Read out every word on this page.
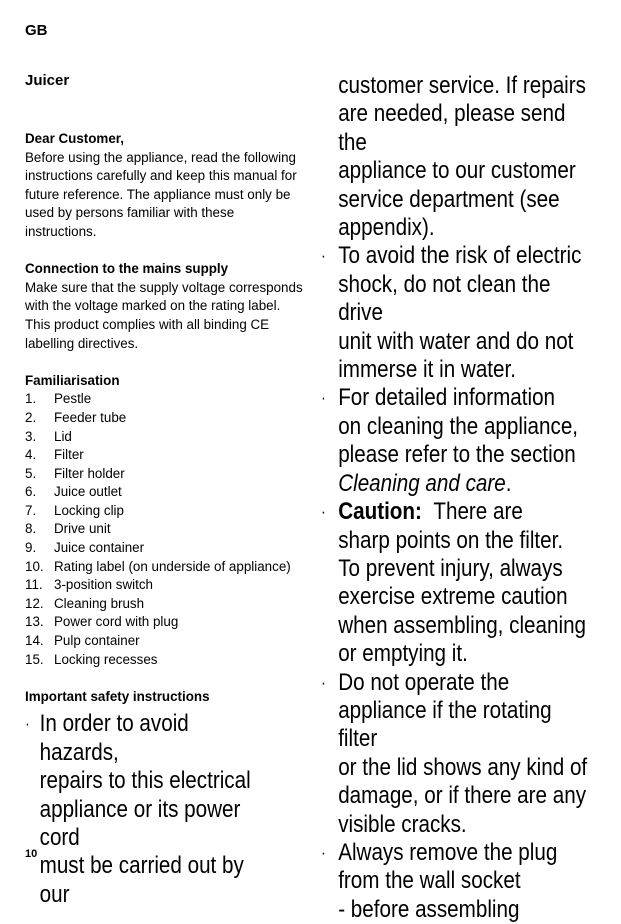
GB
Juicer
Dear Customer,

Before using the appliance, read the following instructions carefully and keep this manual for future reference. The appliance must only be used by persons familiar with these instructions.

Connection to the mains supply

Make sure that the supply voltage corresponds with the voltage marked on the rating label. This product complies with all binding CE labelling directives.

Familiarisation
1.	Pestle
2.	Feeder tube
3.	Lid
4.	Filter
5.	Filter holder
6.	Juice outlet
7.	Locking clip
8.	Drive unit
9.	Juice container
10. Rating label (on underside of appliance)
11. 3-position switch
12. Cleaning brush
13. Power cord with plug
14. Pulp container
15. Locking recesses
Important safety instructions
· In order to avoid hazards,
repairs to this electrical
appliance or its power cord
must be carried out by our
customer service. If repairs
are needed, please send the
appliance to our customer
service department (see
appendix).
· To avoid the risk of electric
shock, do not clean the drive
unit with water and do not
immerse it in water.
· For detailed information
on cleaning the appliance,
please refer to the section
Cleaning and care.
· Caution: There are
sharp points on the filter.
To prevent injury, always
exercise extreme caution
when assembling, cleaning
or emptying it.
· Do not operate the
appliance if the rotating filter
or the lid shows any kind of
damage, or if there are any
visible cracks.
· Always remove the plug
from the wall socket
- before assembling
10
